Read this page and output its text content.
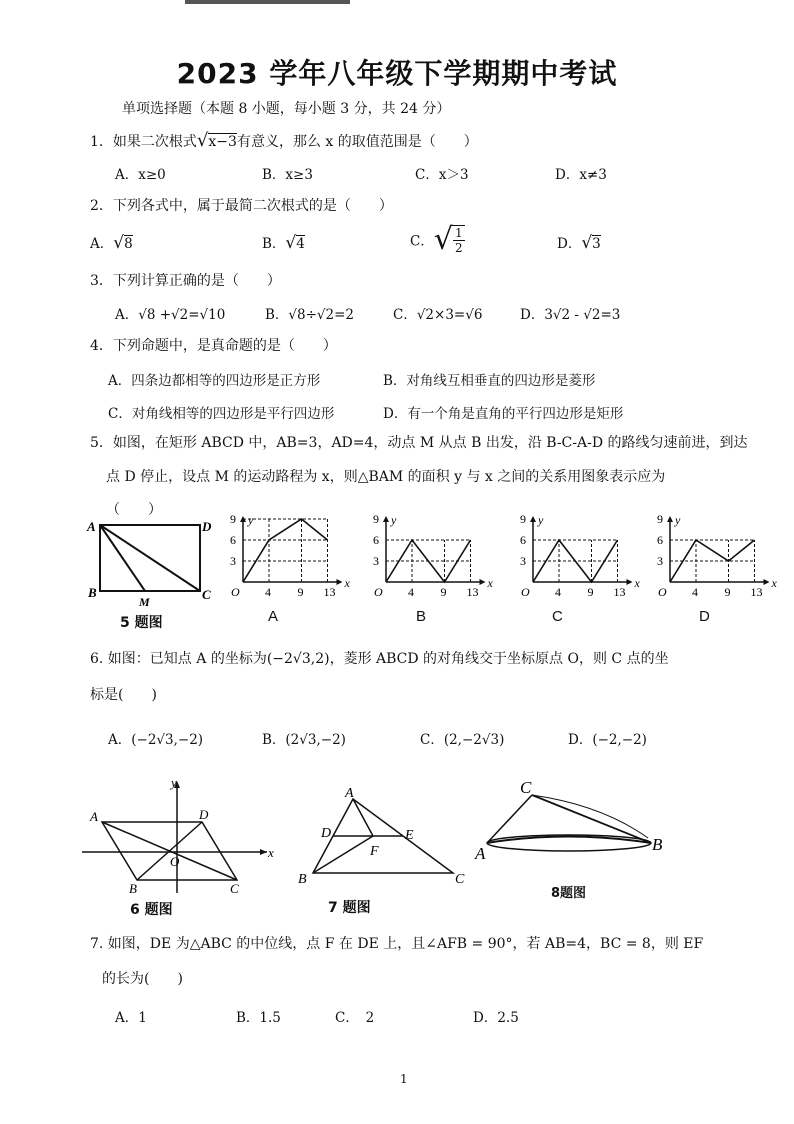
2023 学年八年级下学期期中考试
单项选择题（本题 8 小题，每小题 3 分，共 24 分）
1．如果二次根式√x−3有意义，那么 x 的取值范围是（　　）
A．x≥0	B．x≥3	C．x＞3	D．x≠3
2．下列各式中，属于最简二次根式的是（　　）
A．√8	B．√4	C．√ $\frac{1}{2}$	D．√3
3．下列计算正确的是（　　）
A．√8 +√2=√10	B．√8÷√2=2	C．√2×3=√6	D．3√2 - √2=3
4．下列命题中，是真命题的是（　　）
A．四条边都相等的四边形是正方形	B．对角线互相垂直的四边形是菱形
C．对角线相等的四边形是平行四边形	D．有一个角是直角的平行四边形是矩形
5．如图，在矩形 ABCD 中，AB=3，AD=4，动点 M 从点 B 出发，沿 B-C-A-D 的路线匀速前进，到达
点 D 停止，设点 M 的运动路程为 x，则△BAM 的面积 y 与 x 之间的关系用图象表示应为
（　　）
A	D
B	C
M
5 题图
3
6
9
4 9 13
O
y
x
3
6
9
4 9 13
O
y
x
3
6
9
4 9 13
O
y
x
3
6
9
4 9 13
O
y
x
A	B	C	D
6. 如图：已知点 A 的坐标为(−2√3,2)，菱形 ABCD 的对角线交于坐标原点 O，则 C 点的坐
标是(　　)
A．(−2√3,−2)	B．(2√3,−2)	C．(2,−2√3)	D．(−2,−2)
A	D
B	C
O
x
y
6 题图
A
D	E
F
B	C
7 题图
C
A	B
8题图
7. 如图，DE 为△ABC 的中位线，点 F 在 DE 上，且∠AFB = 90°，若 AB=4，BC = 8，则 EF
的长为(　　)
A．1	B．1.5	C．　2	D．2.5
1
